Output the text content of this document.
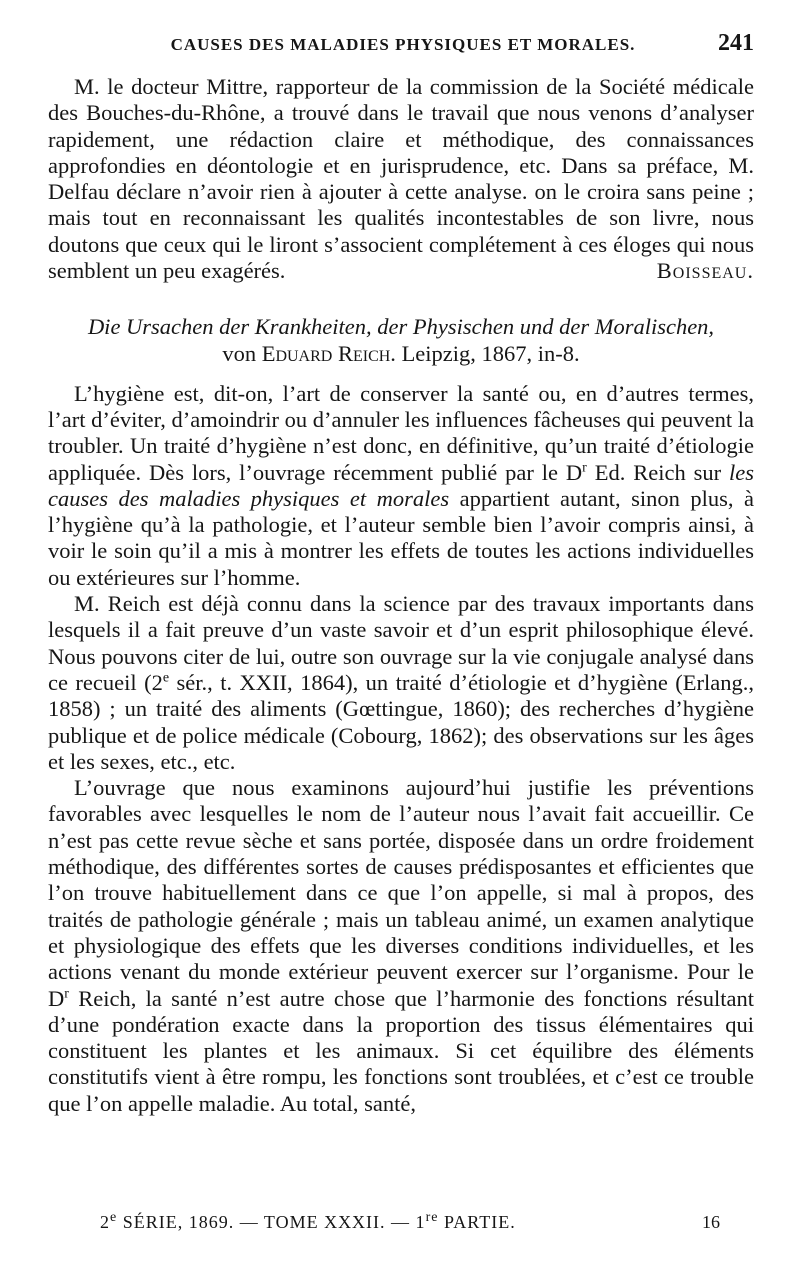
CAUSES DES MALADIES PHYSIQUES ET MORALES.	241

M. le docteur Mittre, rapporteur de la commission de la Société médicale des Bouches-du-Rhône, a trouvé dans le travail que nous venons d’analyser rapidement, une rédaction claire et méthodique, des connaissances approfondies en déontologie et en jurisprudence, etc. Dans sa préface, M. Delfau déclare n’avoir rien à ajouter à cette analyse. on le croira sans peine ; mais tout en reconnaissant les qualités incontestables de son livre, nous doutons que ceux qui le liront s’associent complétement à ces éloges qui nous semblent un peu exagérés.	Boisseau.
Die Ursachen der Krankheiten, der Physischen und der Moralischen,
von Eduard Reich. Leipzig, 1867, in-8.

L’hygiène est, dit-on, l’art de conserver la santé ou, en d’autres termes, l’art d’éviter, d’amoindrir ou d’annuler les influences fâcheuses qui peuvent la troubler. Un traité d’hygiène n’est donc, en définitive, qu’un traité d’étiologie appliquée. Dès lors, l’ouvrage récemment publié par le $D^r$ Ed. Reich sur les causes des maladies physiques et morales appartient autant, sinon plus, à l’hygiène qu’à la pathologie, et l’auteur semble bien l’avoir compris ainsi, à voir le soin qu’il a mis à montrer les effets de toutes les actions individuelles ou extérieures sur l’homme.

M. Reich est déjà connu dans la science par des travaux importants dans lesquels il a fait preuve d’un vaste savoir et d’un esprit philosophique élevé. Nous pouvons citer de lui, outre son ouvrage sur la vie conjugale analysé dans ce recueil (2e sér., t. XXII, 1864), un traité d’étiologie et d’hygiène (Erlang., 1858) ; un traité des aliments (Gœttingue, 1860); des recherches d’hygiène publique et de police médicale (Cobourg, 1862); des observations sur les âges et les sexes, etc., etc.

L’ouvrage que nous examinons aujourd’hui justifie les préventions favorables avec lesquelles le nom de l’auteur nous l’avait fait accueillir. Ce n’est pas cette revue sèche et sans portée, disposée dans un ordre froidement méthodique, des différentes sortes de causes prédisposantes et efficientes que l’on trouve habituellement dans ce que l’on appelle, si mal à propos, des traités de pathologie générale ; mais un tableau animé, un examen analytique et physiologique des effets que les diverses conditions individuelles, et les actions venant du monde extérieur peuvent exercer sur l’organisme. Pour le $D^r$ Reich, la santé n’est autre chose que l’harmonie des fonctions résultant d’une pondération exacte dans la proportion des tissus élémentaires qui constituent les plantes et les animaux. Si cet équilibre des éléments constitutifs vient à être rompu, les fonctions sont troublées, et c’est ce trouble que l’on appelle maladie. Au total, santé,

2e SÉRIE, 1869. — TOME XXXII. — 1re PARTIE.	16
